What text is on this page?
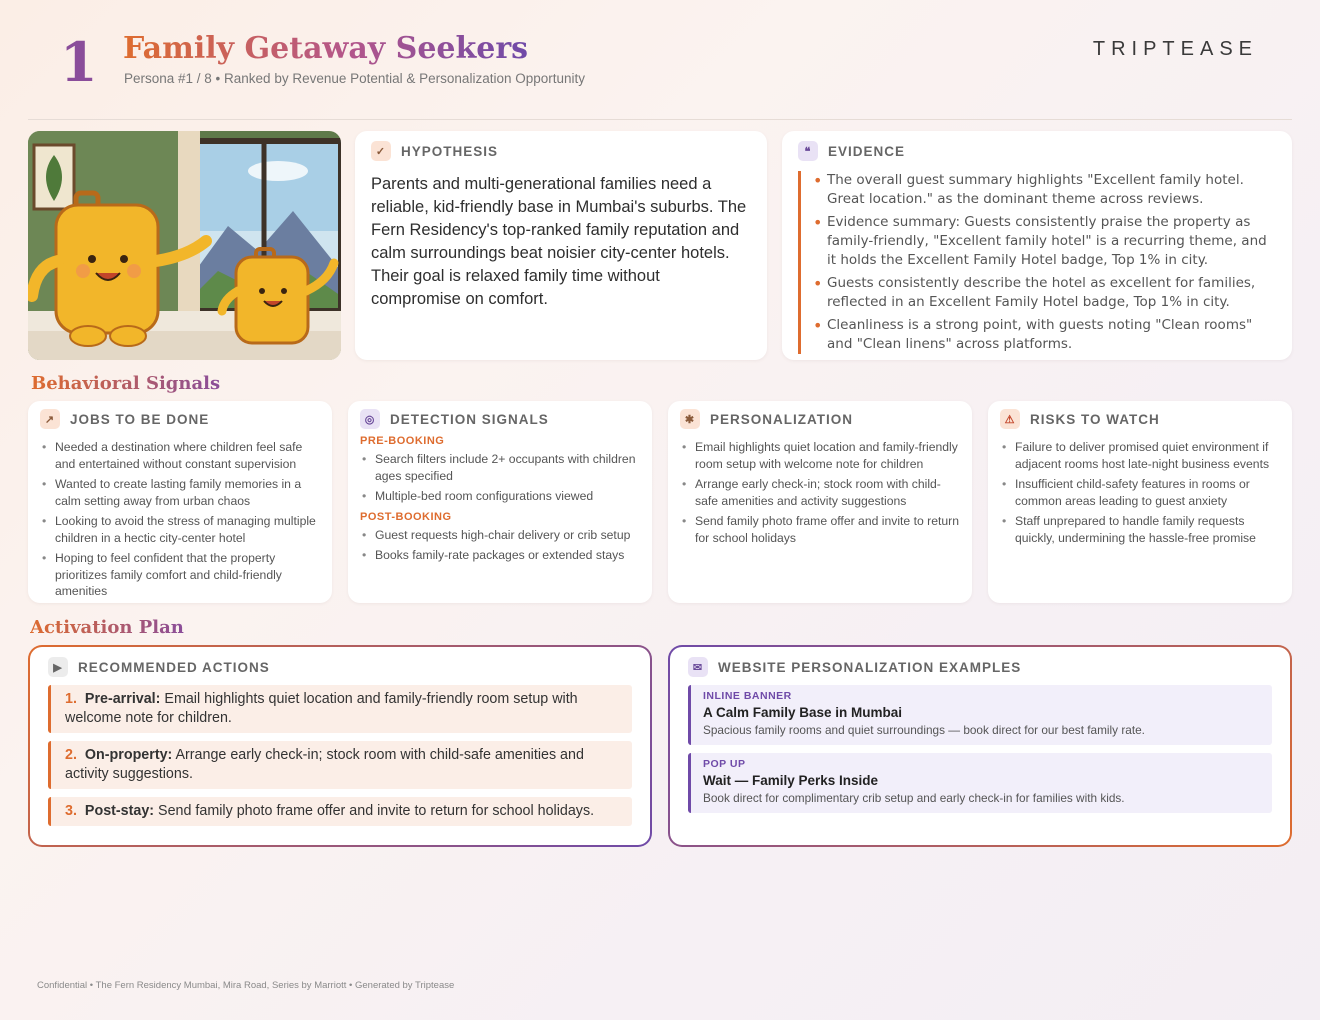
1 Family Getaway Seekers
Persona #1 / 8 • Ranked by Revenue Potential & Personalization Opportunity
TRIPTEASE
✓	HYPOTHESIS

Parents and multi-generational families need a reliable, kid-friendly base in Mumbai's suburbs. The Fern Residency's top-ranked family reputation and calm surroundings beat noisier city-center hotels. Their goal is relaxed family time without compromise on comfort.

❝	EVIDENCE
• The overall guest summary highlights "Excellent family hotel. Great location." as the dominant theme across reviews.
• Evidence summary: Guests consistently praise the property as family-friendly, "Excellent family hotel" is a recurring theme, and it holds the Excellent Family Hotel badge, Top 1% in city.
• Guests consistently describe the hotel as excellent for families, reflected in an Excellent Family Hotel badge, Top 1% in city.
• Cleanliness is a strong point, with guests noting "Clean rooms" and "Clean linens" across platforms.
Behavioral Signals
↗	JOBS TO BE DONE
• Needed a destination where children feel safe and entertained without constant supervision
• Wanted to create lasting family memories in a calm setting away from urban chaos
• Looking to avoid the stress of managing multiple children in a hectic city-center hotel
• Hoping to feel confident that the property prioritizes family comfort and child-friendly amenities
◎	DETECTION SIGNALS
PRE-BOOKING
• Search filters include 2+ occupants with children ages specified
• Multiple-bed room configurations viewed
POST-BOOKING
• Guest requests high-chair delivery or crib setup
• Books family-rate packages or extended stays
✱	PERSONALIZATION
• Email highlights quiet location and family-friendly room setup with welcome note for children
• Arrange early check-in; stock room with child-safe amenities and activity suggestions
• Send family photo frame offer and invite to return for school holidays
⚠	RISKS TO WATCH
• Failure to deliver promised quiet environment if adjacent rooms host late-night business events
• Insufficient child-safety features in rooms or common areas leading to guest anxiety
• Staff unprepared to handle family requests quickly, undermining the hassle-free promise
Activation Plan
▶	RECOMMENDED ACTIONS
1. Pre-arrival: Email highlights quiet location and family-friendly room setup with welcome note for children.
2. On-property: Arrange early check-in; stock room with child-safe amenities and activity suggestions.
3. Post-stay: Send family photo frame offer and invite to return for school holidays.
✉	WEBSITE PERSONALIZATION EXAMPLES
INLINE BANNER
A Calm Family Base in Mumbai
Spacious family rooms and quiet surroundings — book direct for our best family rate.
POP UP
Wait — Family Perks Inside
Book direct for complimentary crib setup and early check-in for families with kids.
Confidential • The Fern Residency Mumbai, Mira Road, Series by Marriott • Generated by Triptease
